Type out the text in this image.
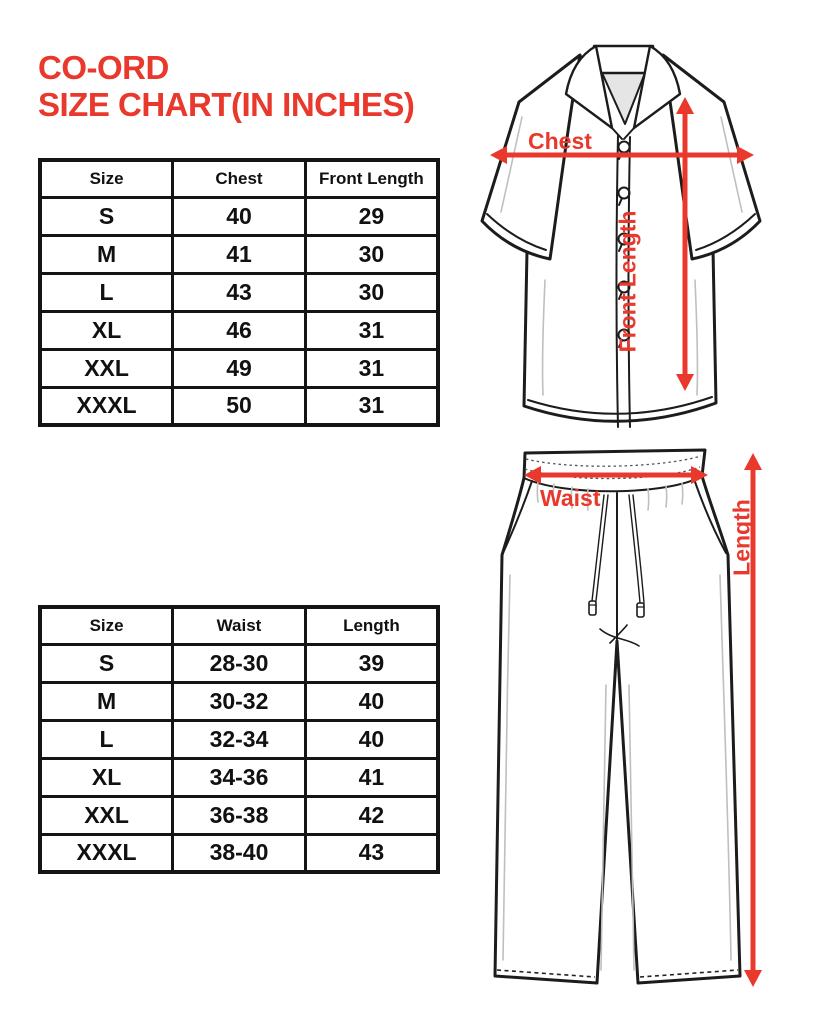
CO-ORD
SIZE CHART(IN INCHES)
Size	Chest	Front Length
S	40	29
M	41	30
L	43	30
XL	46	31
XXL	49	31
XXXL	50	31
Size	Waist	Length
S	28-30	39
M	30-32	40
L	32-34	40
XL	34-36	41
XXL	36-38	42
XXXL	38-40	43
Chest
Front Length
Waist
Length
